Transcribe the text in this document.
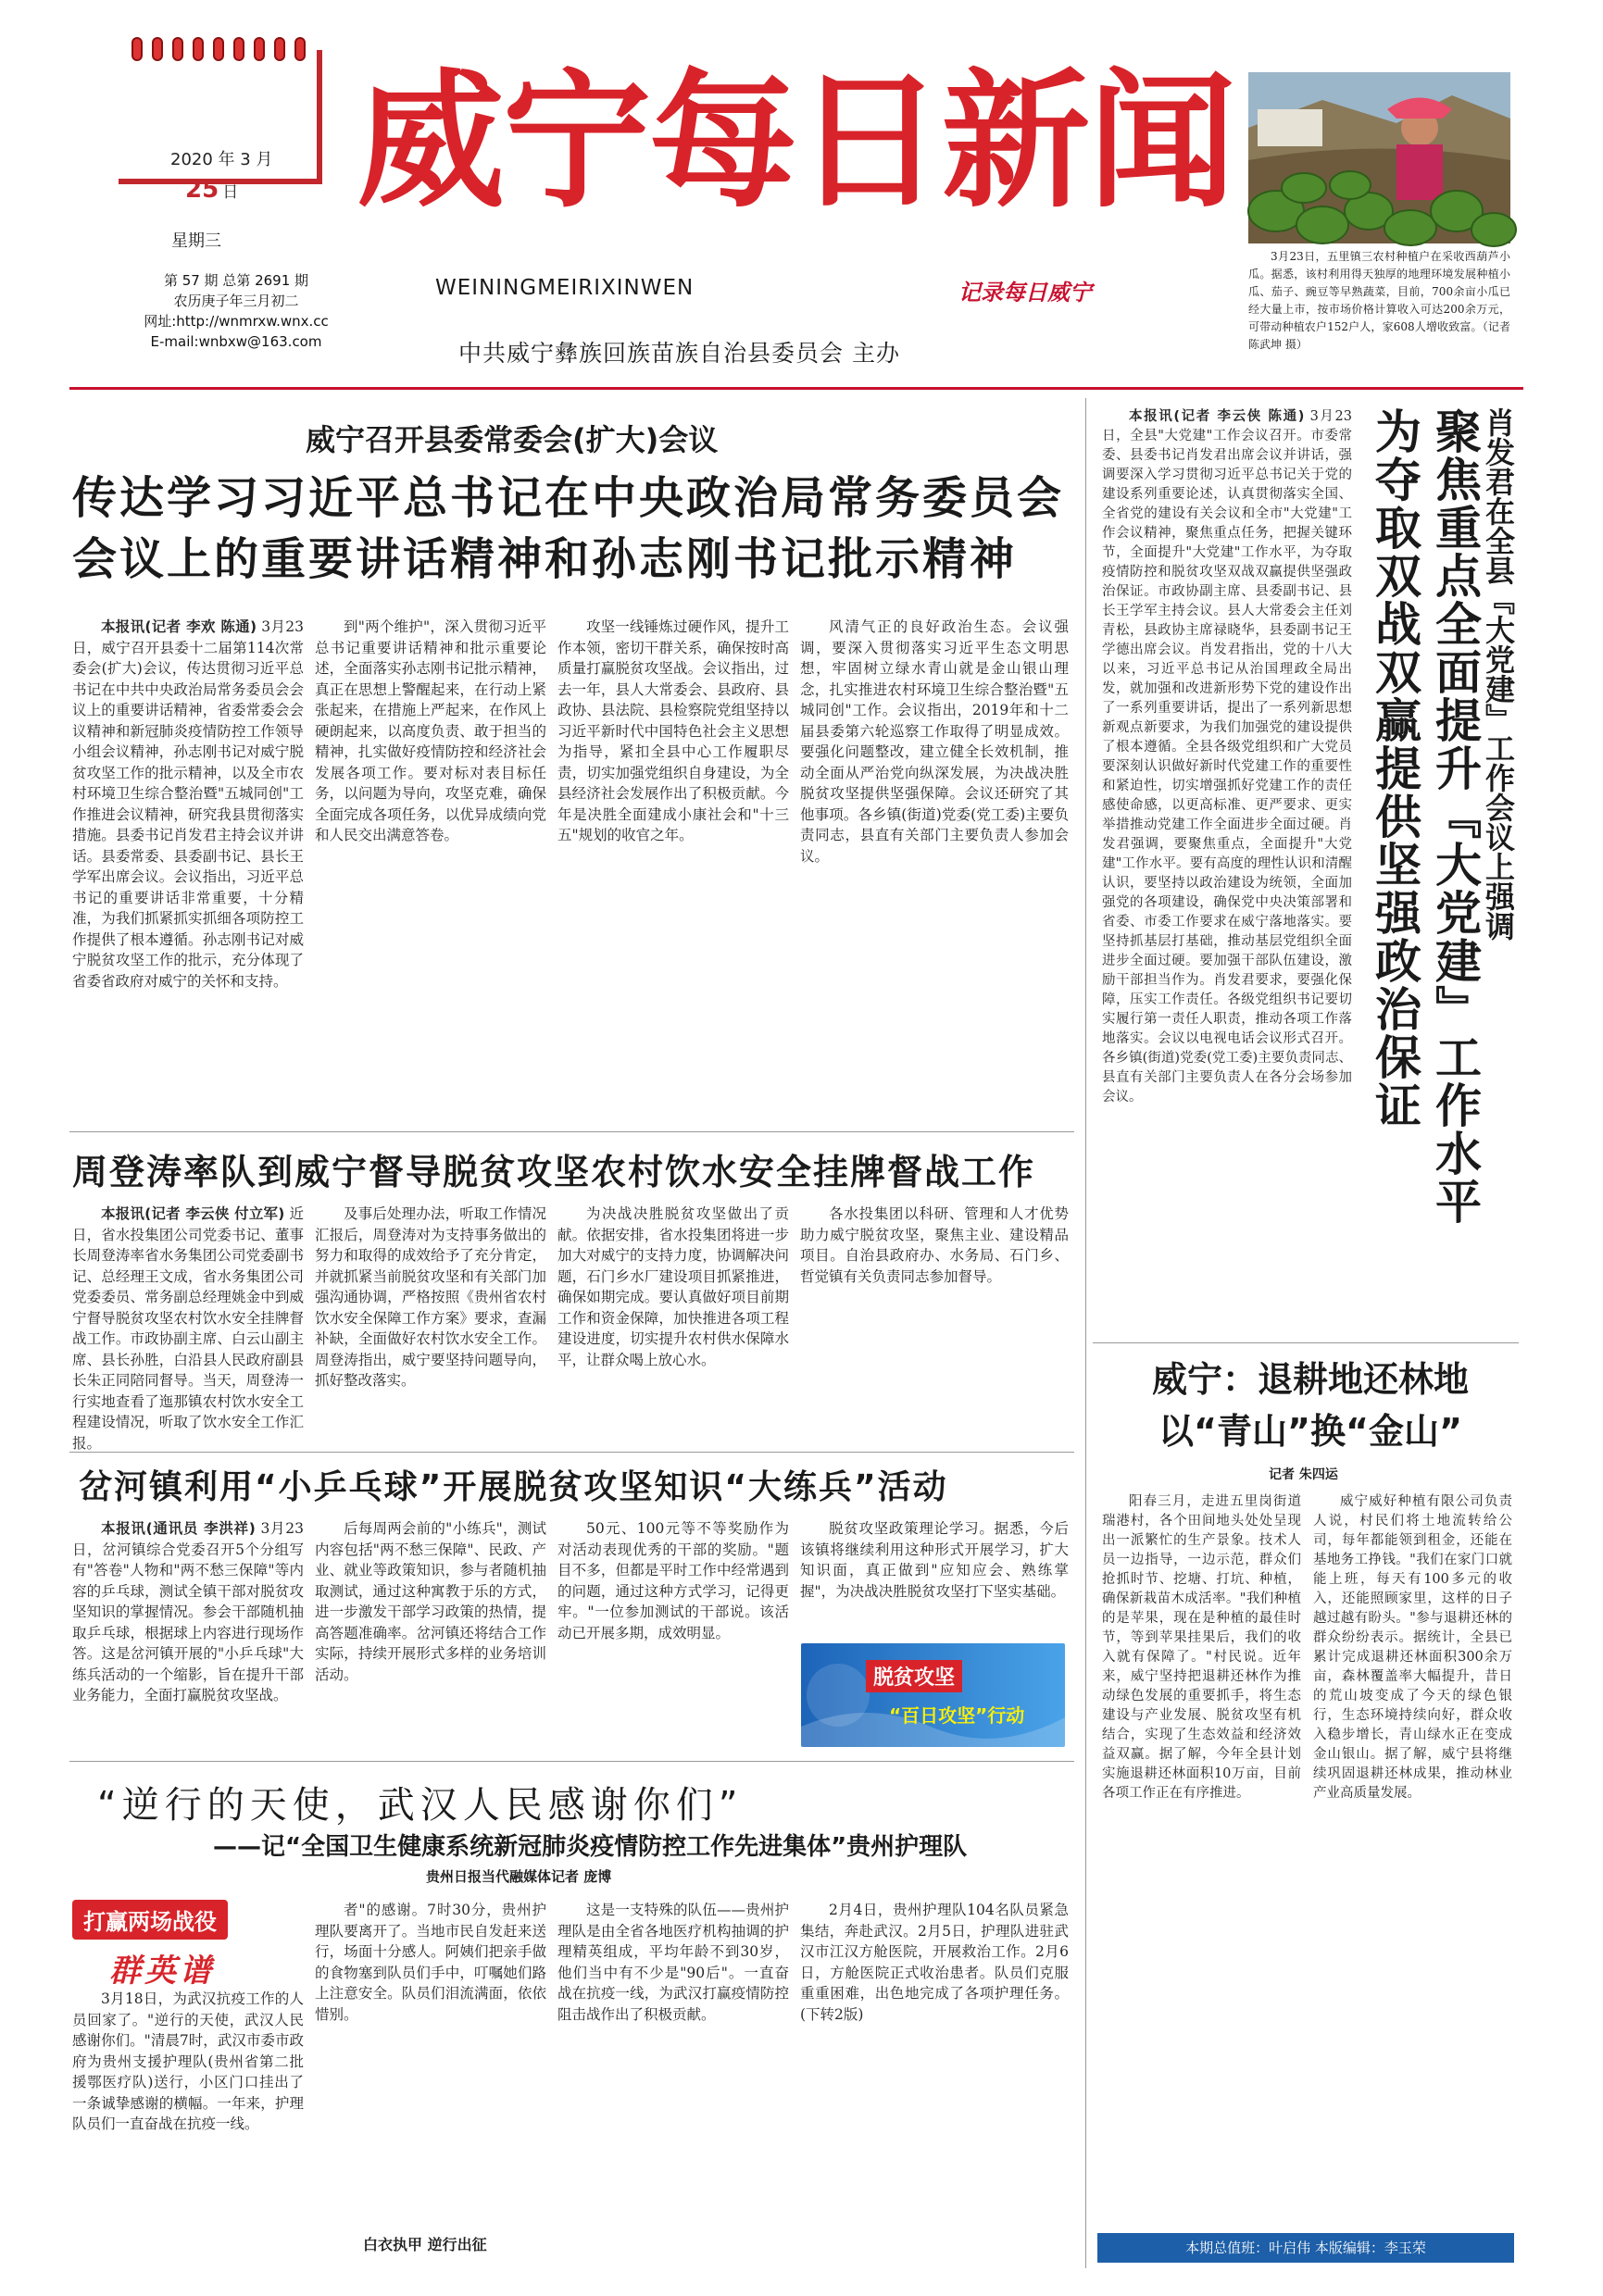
2020 年 3 月
25 日
星期三
第 57 期 总第 2691 期
农历庚子年三月初二
网址:http://wnmrxw.wnx.cc
E-mail:wnbxw@163.com
威宁每日新闻
WEININGMEIRIXINWEN	记录每日威宁
中共威宁彝族回族苗族自治县委员会 主办
3月23日，五里镇三农村种植户在采收西葫芦小瓜。据悉，该村利用得天独厚的地理环境发展种植小瓜、茄子、豌豆等早熟蔬菜，目前，700余亩小瓜已经大量上市，按市场价格计算收入可达200余万元，可带动种植农户152户人，家608人增收致富。（记者 陈武坤 摄）
威宁召开县委常委会(扩大)会议
传达学习习近平总书记在中央政治局常务委员会
会议上的重要讲话精神和孙志刚书记批示精神

本报讯(记者 李欢 陈通) 3月23日，威宁召开县委十二届第114次常委会(扩大)会议，传达贯彻习近平总书记在中共中央政治局常务委员会会议上的重要讲话精神，省委常委会会议精神和新冠肺炎疫情防控工作领导小组会议精神，孙志刚书记对威宁脱贫攻坚工作的批示精神，以及全市农村环境卫生综合整治暨"五城同创"工作推进会议精神，研究我县贯彻落实措施。县委书记肖发君主持会议并讲话。县委常委、县委副书记、县长王学军出席会议。会议指出，习近平总书记的重要讲话非常重要，十分精准，为我们抓紧抓实抓细各项防控工作提供了根本遵循。孙志刚书记对威宁脱贫攻坚工作的批示，充分体现了省委省政府对威宁的关怀和支持。

到"两个维护"，深入贯彻习近平总书记重要讲话精神和批示重要论述，全面落实孙志刚书记批示精神，真正在思想上警醒起来，在行动上紧张起来，在措施上严起来，在作风上硬朗起来，以高度负责、敢于担当的精神，扎实做好疫情防控和经济社会发展各项工作。要对标对表目标任务，以问题为导向，攻坚克难，确保全面完成各项任务，以优异成绩向党和人民交出满意答卷。

攻坚一线锤炼过硬作风，提升工作本领，密切干群关系，确保按时高质量打赢脱贫攻坚战。会议指出，过去一年，县人大常委会、县政府、县政协、县法院、县检察院党组坚持以习近平新时代中国特色社会主义思想为指导，紧扣全县中心工作履职尽责，切实加强党组织自身建设，为全县经济社会发展作出了积极贡献。今年是决胜全面建成小康社会和"十三五"规划的收官之年。

风清气正的良好政治生态。会议强调，要深入贯彻落实习近平生态文明思想，牢固树立绿水青山就是金山银山理念，扎实推进农村环境卫生综合整治暨"五城同创"工作。会议指出，2019年和十二届县委第六轮巡察工作取得了明显成效。要强化问题整改，建立健全长效机制，推动全面从严治党向纵深发展，为决战决胜脱贫攻坚提供坚强保障。会议还研究了其他事项。各乡镇(街道)党委(党工委)主要负责同志，县直有关部门主要负责人参加会议。

周登涛率队到威宁督导脱贫攻坚农村饮水安全挂牌督战工作

本报讯(记者 李云侠 付立军) 近日，省水投集团公司党委书记、董事长周登涛率省水务集团公司党委副书记、总经理王文成，省水务集团公司党委委员、常务副总经理姚金中到威宁督导脱贫攻坚农村饮水安全挂牌督战工作。市政协副主席、白云山副主席、县长孙胜，白沿县人民政府副县长朱正同陪同督导。当天，周登涛一行实地查看了迤那镇农村饮水安全工程建设情况，听取了饮水安全工作汇报。

及事后处理办法，听取工作情况汇报后，周登涛对为支持事务做出的努力和取得的成效给予了充分肯定，并就抓紧当前脱贫攻坚和有关部门加强沟通协调，严格按照《贵州省农村饮水安全保障工作方案》要求，查漏补缺，全面做好农村饮水安全工作。周登涛指出，威宁要坚持问题导向，抓好整改落实。

为决战决胜脱贫攻坚做出了贡献。依据安排，省水投集团将进一步加大对威宁的支持力度，协调解决问题，石门乡水厂建设项目抓紧推进，确保如期完成。要认真做好项目前期工作和资金保障，加快推进各项工程建设进度，切实提升农村供水保障水平，让群众喝上放心水。

各水投集团以科研、管理和人才优势助力威宁脱贫攻坚，聚焦主业、建设精品项目。自治县政府办、水务局、石门乡、哲觉镇有关负责同志参加督导。

岔河镇利用“小乒乓球”开展脱贫攻坚知识“大练兵”活动

本报讯(通讯员 李洪祥) 3月23日，岔河镇综合党委召开5个分组写有"答卷"人物和"两不愁三保障"等内容的乒乓球，测试全镇干部对脱贫攻坚知识的掌握情况。参会干部随机抽取乒乓球，根据球上内容进行现场作答。这是岔河镇开展的"小乒乓球"大练兵活动的一个缩影，旨在提升干部业务能力，全面打赢脱贫攻坚战。

后每周两会前的"小练兵"，测试内容包括"两不愁三保障"、民政、产业、就业等政策知识，参与者随机抽取测试，通过这种寓教于乐的方式，进一步激发干部学习政策的热情，提高答题准确率。岔河镇还将结合工作实际，持续开展形式多样的业务培训活动。

50元、100元等不等奖励作为对活动表现优秀的干部的奖励。"题目不多，但都是平时工作中经常遇到的问题，通过这种方式学习，记得更牢。"一位参加测试的干部说。该活动已开展多期，成效明显。

脱贫攻坚政策理论学习。据悉，今后该镇将继续利用这种形式开展学习，扩大知识面，真正做到"应知应会、熟练掌握"，为决战决胜脱贫攻坚打下坚实基础。

脱贫攻坚
“百日攻坚”行动
“逆行的天使，武汉人民感谢你们”
——记“全国卫生健康系统新冠肺炎疫情防控工作先进集体”贵州护理队
贵州日报当代融媒体记者 庞博
打赢两场战役
群英谱

3月18日，为武汉抗疫工作的人员回家了。"逆行的天使，武汉人民感谢你们。"清晨7时，武汉市委市政府为贵州支援护理队(贵州省第二批援鄂医疗队)送行，小区门口挂出了一条诚挚感谢的横幅。一年来，护理队员们一直奋战在抗疫一线。

者"的感谢。7时30分，贵州护理队要离开了。当地市民自发赶来送行，场面十分感人。阿姨们把亲手做的食物塞到队员们手中，叮嘱她们路上注意安全。队员们泪流满面，依依惜别。

这是一支特殊的队伍——贵州护理队是由全省各地医疗机构抽调的护理精英组成，平均年龄不到30岁，他们当中有不少是"90后"。一直奋战在抗疫一线，为武汉打赢疫情防控阻击战作出了积极贡献。

2月4日，贵州护理队104名队员紧急集结，奔赴武汉。2月5日，护理队进驻武汉市江汉方舱医院，开展救治工作。2月6日，方舱医院正式收治患者。队员们克服重重困难，出色地完成了各项护理任务。(下转2版)

白衣执甲 逆行出征
肖发君在全县『大党建』工作会议上强调
聚焦重点全面提升『大党建』工作水平
为夺取双战双赢提供坚强政治保证

本报讯(记者 李云侠 陈通) 3月23日，全县"大党建"工作会议召开。市委常委、县委书记肖发君出席会议并讲话，强调要深入学习贯彻习近平总书记关于党的建设系列重要论述，认真贯彻落实全国、全省党的建设有关会议和全市"大党建"工作会议精神，聚焦重点任务，把握关键环节，全面提升"大党建"工作水平，为夺取疫情防控和脱贫攻坚双战双赢提供坚强政治保证。市政协副主席、县委副书记、县长王学军主持会议。县人大常委会主任刘青松，县政协主席禄晓华，县委副书记王学德出席会议。肖发君指出，党的十八大以来，习近平总书记从治国理政全局出发，就加强和改进新形势下党的建设作出了一系列重要讲话，提出了一系列新思想新观点新要求，为我们加强党的建设提供了根本遵循。全县各级党组织和广大党员要深刻认识做好新时代党建工作的重要性和紧迫性，切实增强抓好党建工作的责任感使命感，以更高标准、更严要求、更实举措推动党建工作全面进步全面过硬。肖发君强调，要聚焦重点，全面提升"大党建"工作水平。要有高度的理性认识和清醒认识，要坚持以政治建设为统领，全面加强党的各项建设，确保党中央决策部署和省委、市委工作要求在威宁落地落实。要坚持抓基层打基础，推动基层党组织全面进步全面过硬。要加强干部队伍建设，激励干部担当作为。肖发君要求，要强化保障，压实工作责任。各级党组织书记要切实履行第一责任人职责，推动各项工作落地落实。会议以电视电话会议形式召开。各乡镇(街道)党委(党工委)主要负责同志、县直有关部门主要负责人在各分会场参加会议。

威宁：退耕地还林地
以“青山”换“金山”
记者 朱四运

阳春三月，走进五里岗街道瑞港村，各个田间地头处处呈现出一派繁忙的生产景象。技术人员一边指导，一边示范，群众们抢抓时节、挖塘、打坑、种植，确保新栽苗木成活率。"我们种植的是苹果，现在是种植的最佳时节，等到苹果挂果后，我们的收入就有保障了。"村民说。近年来，威宁坚持把退耕还林作为推动绿色发展的重要抓手，将生态建设与产业发展、脱贫攻坚有机结合，实现了生态效益和经济效益双赢。据了解，今年全县计划实施退耕还林面积10万亩，目前各项工作正在有序推进。

威宁威好种植有限公司负责人说，村民们将土地流转给公司，每年都能领到租金，还能在基地务工挣钱。"我们在家门口就能上班，每天有100多元的收入，还能照顾家里，这样的日子越过越有盼头。"参与退耕还林的群众纷纷表示。据统计，全县已累计完成退耕还林面积300余万亩，森林覆盖率大幅提升，昔日的荒山坡变成了今天的绿色银行，生态环境持续向好，群众收入稳步增长，青山绿水正在变成金山银山。据了解，威宁县将继续巩固退耕还林成果，推动林业产业高质量发展。

本期总值班：叶启伟 本版编辑：李玉荣
